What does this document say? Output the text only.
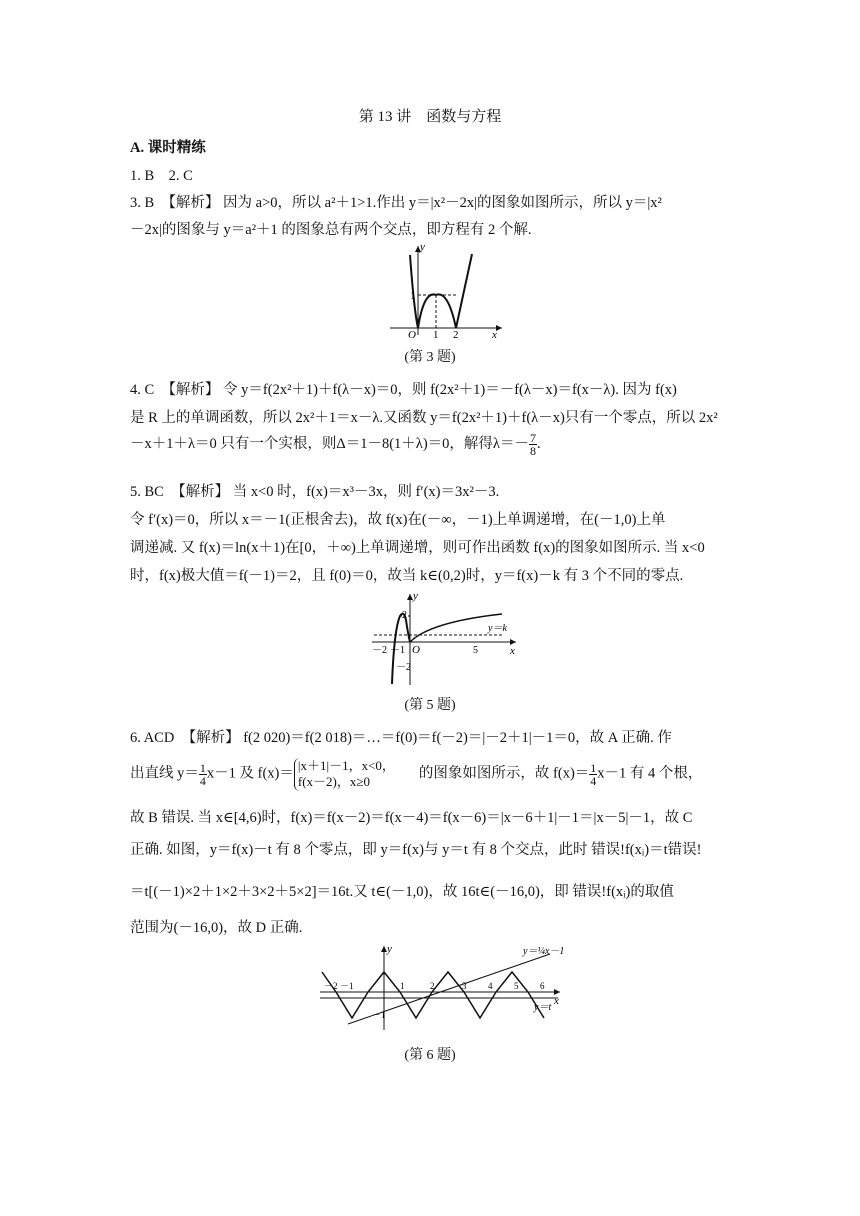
第 13 讲　函数与方程
A. 课时精练
1. B　2. C
3. B　【解析】 因为 a>0，所以 a²＋1>1.作出 y＝|x²－2x|的图象如图所示，所以 y＝|x²
－2x|的图象与 y＝a²＋1 的图象总有两个交点，即方程有 2 个解.
y
x
O
1
1 2
(第 3 题)
4. C　【解析】 令 y＝f(2x²＋1)＋f(λ－x)＝0，则 f(2x²＋1)＝－f(λ－x)＝f(x－λ). 因为 f(x)
是 R 上的单调函数，所以 2x²＋1＝x－λ.又函数 y＝f(2x²＋1)＋f(λ－x)只有一个零点，所以 2x²
－x＋1＋λ＝0 只有一个实根，则Δ＝1－8(1＋λ)＝0，解得$\lambda=- \frac{7}{8}$ .
5. BC　【解析】 当 x<0 时，f(x)＝x³－3x，则 f′(x)＝3x²－3.
令 f′(x)＝0，所以 x＝－1(正根舍去)，故 f(x)在(－∞，－1)上单调递增，在(－1,0)上单
调递减. 又 f(x)＝ln(x＋1)在[0，＋∞)上单调递增，则可作出函数 f(x)的图象如图所示. 当 x<0
时，f(x)极大值＝f(－1)＝2，且 f(0)＝0，故当 k∈(0,2)时，y＝f(x)－k 有 3 个不同的零点.
y
x
O
2
－2 －1
－2
5
y＝k
(第 5 题)
6. ACD　【解析】 f(2 020)＝f(2 018)＝…＝f(0)＝f(－2)＝|－2＋1|－1＝0，故 A 正确. 作
出直线 $y= \frac{1}{4} x-1$ 及 f(x)＝
|x＋1|－1，x<0，
f(x－2)，x≥0
的图象如图所示，故 $f(x)= \frac{1}{4} x-1$ 有 4 个根，
故 B 错误. 当 x∈[4,6)时，f(x)＝f(x－2)＝f(x－4)＝f(x－6)＝|x－6＋1|－1＝|x－5|－1，故 C
正确. 如图，y＝f(x)－t 有 8 个零点，即 y＝f(x)与 y＝t 有 8 个交点，此时 错误!f(xᵢ)＝t错误!
＝t[(－1)×2＋1×2＋3×2＋5×2]＝16t.又 t∈(－1,0)，故 16t∈(－16,0)，即 错误!f(xᵢ)的取值
范围为(－16,0)，故 D 正确.
y
x
y＝¼x－1
y＝t
－2 －1	1	2	3 4 5 6
－1
(第 6 题)
